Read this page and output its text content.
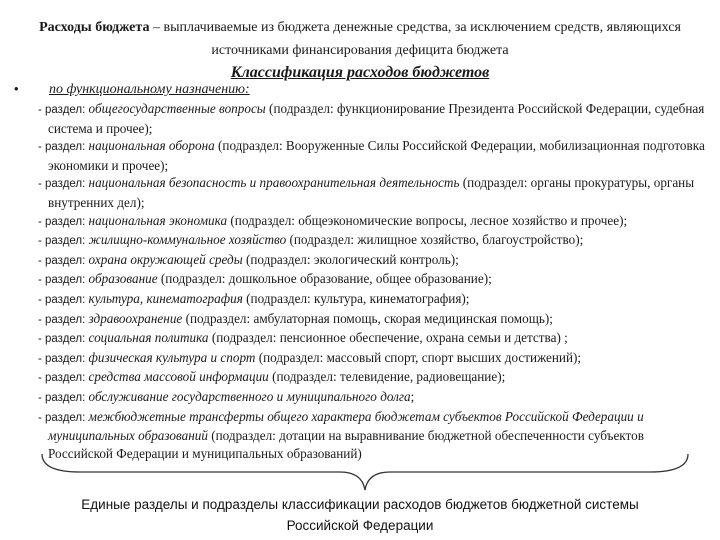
Расходы бюджета – выплачиваемые из бюджета денежные средства, за исключением средств, являющихся источниками финансирования дефицита бюджета
Классификация расходов бюджетов
• по функциональному назначению:
- раздел: общегосударственные вопросы (подраздел: функционирование Президента Российской Федерации, судебная система и прочее);
- раздел: национальная оборона (подраздел: Вооруженные Силы Российской Федерации, мобилизационная подготовка экономики и прочее);
- раздел: национальная безопасность и правоохранительная деятельность (подраздел: органы прокуратуры, органы внутренних дел);
- раздел: национальная экономика (подраздел: общеэкономические вопросы, лесное хозяйство и прочее);
- раздел: жилищно-коммунальное хозяйство (подраздел: жилищное хозяйство, благоустройство);
- раздел: охрана окружающей среды (подраздел: экологический контроль);
- раздел: образование (подраздел: дошкольное образование, общее образование);
- раздел: культура, кинематография (подраздел: культура, кинематография);
- раздел: здравоохранение (подраздел: амбулаторная помощь, скорая медицинская помощь);
- раздел: социальная политика (подраздел: пенсионное обеспечение, охрана семьи и детства) ;
- раздел: физическая культура и спорт (подраздел: массовый спорт, спорт высших достижений);
- раздел: средства массовой информации (подраздел: телевидение, радиовещание);
- раздел: обслуживание государственного и муниципального долга;
- раздел: межбюджетные трансферты общего характера бюджетам субъектов Российской Федерации и муниципальных образований (подраздел: дотации на выравнивание бюджетной обеспеченности субъектов Российской Федерации и муниципальных образований)
Единые разделы и подразделы классификации расходов бюджетов бюджетной системы
Российской Федерации
